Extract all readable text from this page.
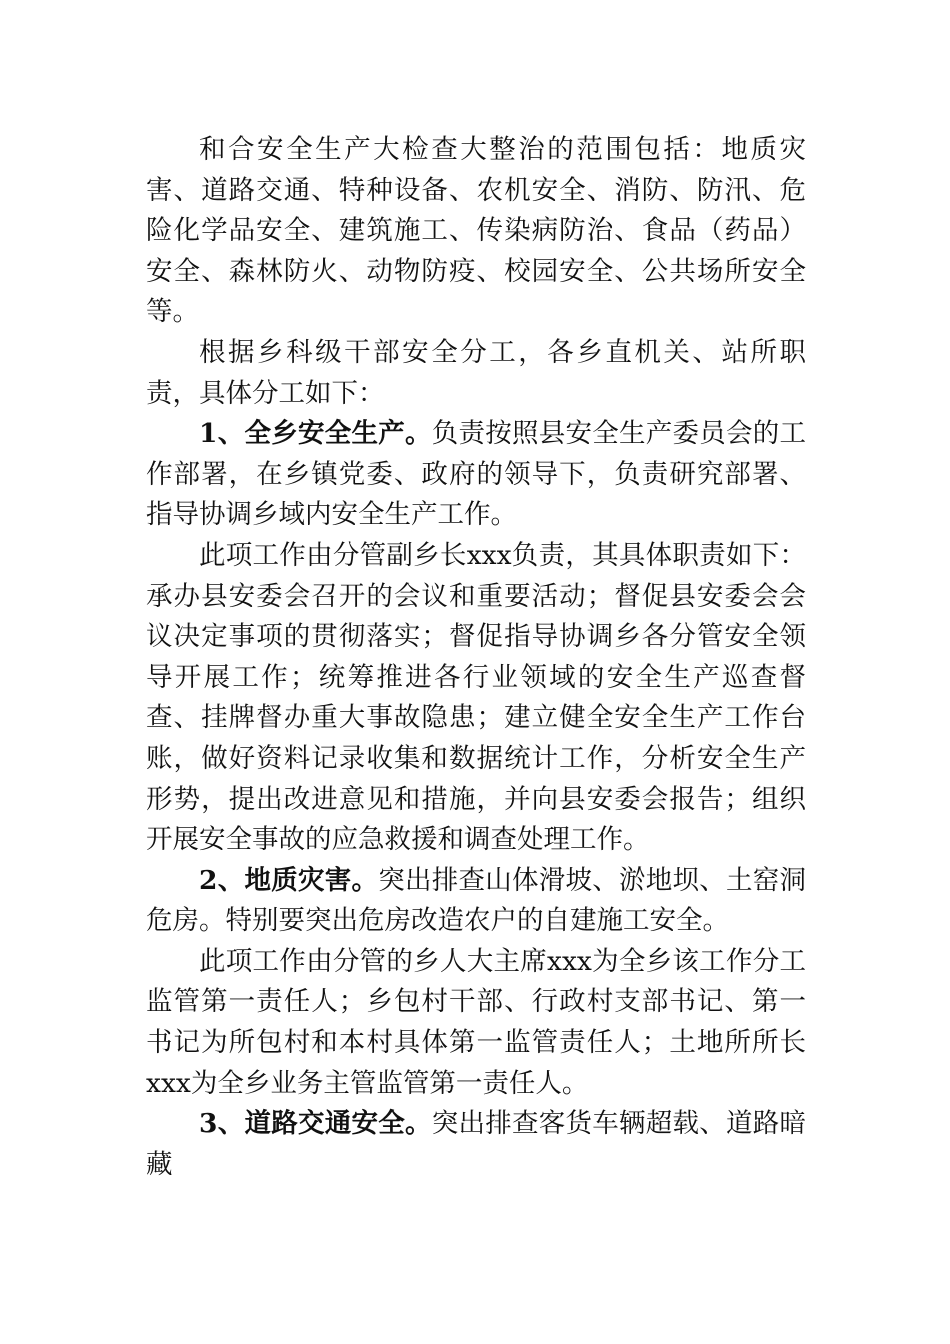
和合安全生产大检查大整治的范围包括：地质灾害、道路交通、特种设备、农机安全、消防、防汛、危险化学品安全、建筑施工、传染病防治、食品（药品）安全、森林防火、动物防疫、校园安全、公共场所安全等。

根据乡科级干部安全分工，各乡直机关、站所职责，具体分工如下：

1、全乡安全生产。负责按照县安全生产委员会的工作部署，在乡镇党委、政府的领导下，负责研究部署、指导协调乡域内安全生产工作。

此项工作由分管副乡长xxx负责，其具体职责如下：承办县安委会召开的会议和重要活动；督促县安委会会议决定事项的贯彻落实；督促指导协调乡各分管安全领导开展工作；统筹推进各行业领域的安全生产巡查督查、挂牌督办重大事故隐患；建立健全安全生产工作台账，做好资料记录收集和数据统计工作，分析安全生产形势，提出改进意见和措施，并向县安委会报告；组织开展安全事故的应急救援和调查处理工作。

2、地质灾害。突出排查山体滑坡、淤地坝、土窑洞危房。特别要突出危房改造农户的自建施工安全。

此项工作由分管的乡人大主席xxx为全乡该工作分工监管第一责任人；乡包村干部、行政村支部书记、第一书记为所包村和本村具体第一监管责任人；土地所所长xxx为全乡业务主管监管第一责任人。

3、道路交通安全。突出排查客货车辆超载、道路暗藏
